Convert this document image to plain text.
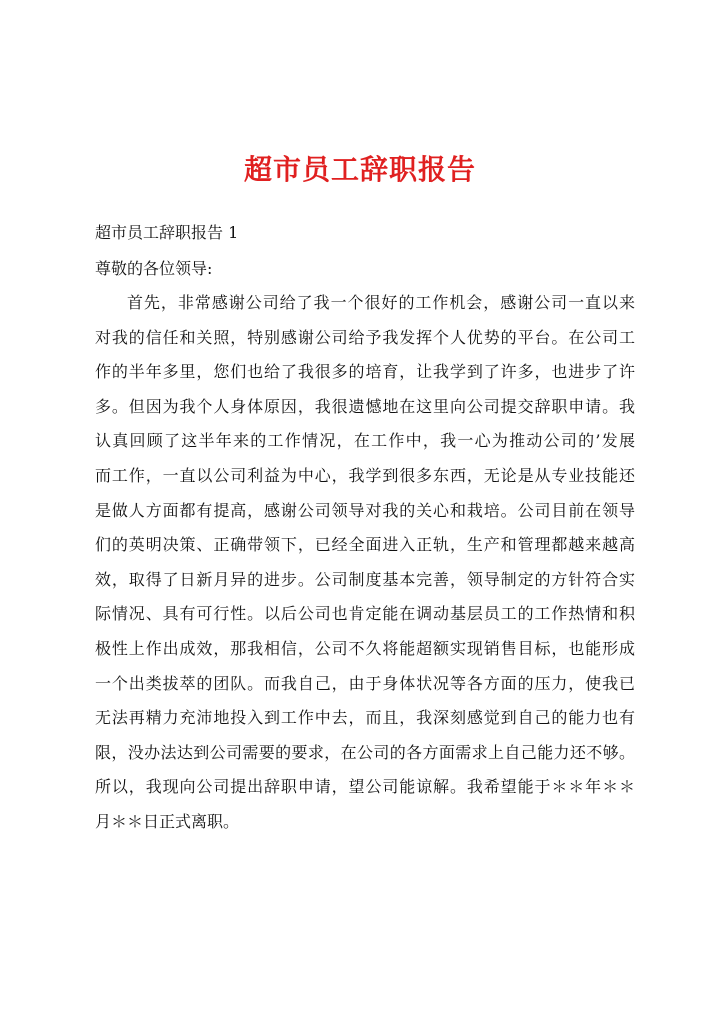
超市员工辞职报告
超市员工辞职报告 1
尊敬的各位领导:
首先，非常感谢公司给了我一个很好的工作机会，感谢公司一直以来
对我的信任和关照，特别感谢公司给予我发挥个人优势的平台。在公司工
作的半年多里，您们也给了我很多的培育，让我学到了许多，也进步了许
多。但因为我个人身体原因，我很遗憾地在这里向公司提交辞职申请。我
认真回顾了这半年来的工作情况，在工作中，我一心为推动公司的’发展
而工作，一直以公司利益为中心，我学到很多东西，无论是从专业技能还
是做人方面都有提高，感谢公司领导对我的关心和栽培。公司目前在领导
们的英明决策、正确带领下，已经全面进入正轨，生产和管理都越来越高
效，取得了日新月异的进步。公司制度基本完善，领导制定的方针符合实
际情况、具有可行性。以后公司也肯定能在调动基层员工的工作热情和积
极性上作出成效，那我相信，公司不久将能超额实现销售目标，也能形成
一个出类拔萃的团队。而我自己，由于身体状况等各方面的压力，使我已
无法再精力充沛地投入到工作中去，而且，我深刻感觉到自己的能力也有
限，没办法达到公司需要的要求，在公司的各方面需求上自己能力还不够。
所以，我现向公司提出辞职申请，望公司能谅解。我希望能于＊＊年＊＊
月＊＊日正式离职。
